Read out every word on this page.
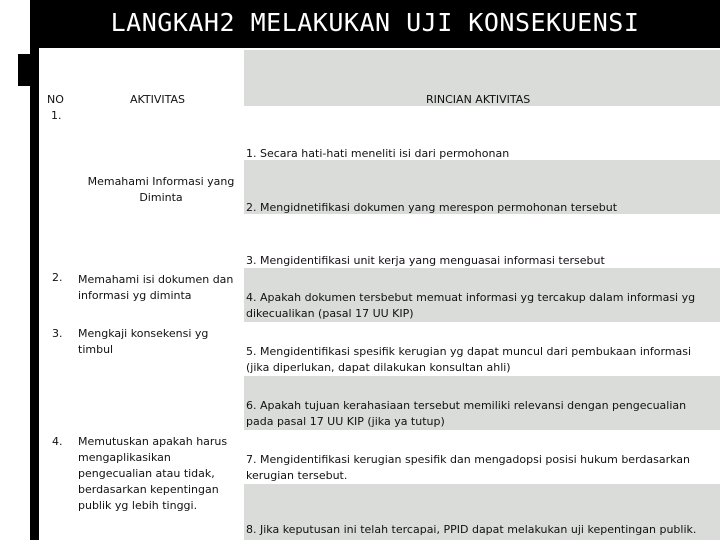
LANGKAH2 MELAKUKAN UJI KONSEKUENSI
NO
1.
2.
3.
4.
AKTIVITAS
Memahami Informasi yang Diminta
Memahami isi dokumen dan informasi yg diminta
Mengkaji konsekensi yg timbul
Memutuskan apakah harus mengaplikasikan pengecualian atau tidak, berdasarkan kepentingan publik yg lebih tinggi.
RINCIAN AKTIVITAS
1. Secara hati-hati meneliti isi dari permohonan
2. Mengidnetifikasi dokumen yang merespon permohonan tersebut
3. Mengidentifikasi unit kerja yang menguasai informasi tersebut
4. Apakah dokumen tersbebut memuat informasi yg tercakup dalam informasi yg dikecualikan (pasal 17 UU KIP)
5. Mengidentifikasi spesifik kerugian yg dapat muncul dari pembukaan informasi (jika diperlukan, dapat dilakukan konsultan ahli)
6. Apakah tujuan kerahasiaan tersebut memiliki relevansi dengan pengecualian pada pasal 17 UU KIP (jika ya tutup)
7. Mengidentifikasi kerugian spesifik dan mengadopsi posisi hukum berdasarkan kerugian tersebut.
8. Jika keputusan ini telah tercapai, PPID dapat melakukan uji kepentingan publik.
